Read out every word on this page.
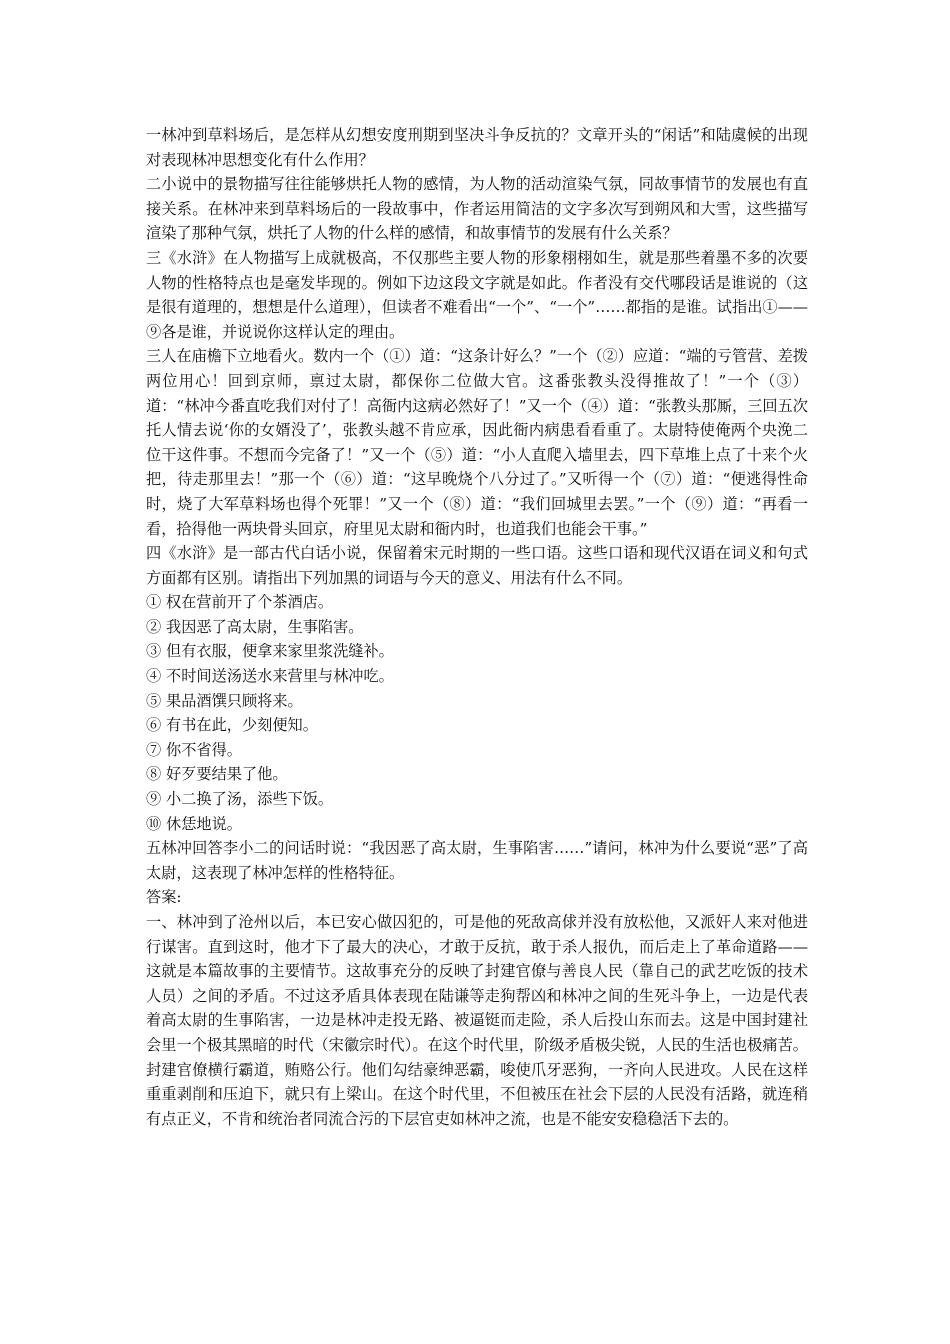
一林冲到草料场后，是怎样从幻想安度刑期到坚决斗争反抗的？文章开头的“闲话”和陆虞候的出现对表现林冲思想变化有什么作用？

二小说中的景物描写往往能够烘托人物的感情，为人物的活动渲染气氛，同故事情节的发展也有直接关系。在林冲来到草料场后的一段故事中，作者运用简洁的文字多次写到朔风和大雪，这些描写渲染了那种气氛，烘托了人物的什么样的感情，和故事情节的发展有什么关系？

三《水浒》在人物描写上成就极高，不仅那些主要人物的形象栩栩如生，就是那些着墨不多的次要人物的性格特点也是毫发毕现的。例如下边这段文字就是如此。作者没有交代哪段话是谁说的（这是很有道理的，想想是什么道理），但读者不难看出“一个”、“一个”……都指的是谁。试指出①——⑨各是谁，并说说你这样认定的理由。

三人在庙檐下立地看火。数内一个（①）道：“这条计好么？”一个（②）应道：“端的亏管营、差拨两位用心！回到京师，禀过太尉，都保你二位做大官。这番张教头没得推故了！”一个（③）道：“林冲今番直吃我们对付了！高衙内这病必然好了！”又一个（④）道：“张教头那厮，三回五次托人情去说‘你的女婿没了’，张教头越不肯应承，因此衙内病患看看重了。太尉特使俺两个央浼二位干这件事。不想而今完备了！”又一个（⑤）道：“小人直爬入墙里去，四下草堆上点了十来个火把，待走那里去！”那一个（⑥）道：“这早晚烧个八分过了。”又听得一个（⑦）道：“便逃得性命时，烧了大军草料场也得个死罪！”又一个（⑧）道：“我们回城里去罢。”一个（⑨）道：“再看一看，拾得他一两块骨头回京，府里见太尉和衙内时，也道我们也能会干事。”

四《水浒》是一部古代白话小说，保留着宋元时期的一些口语。这些口语和现代汉语在词义和句式方面都有区别。请指出下列加黑的词语与今天的意义、用法有什么不同。

① 权在营前开了个茶酒店。

② 我因恶了高太尉，生事陷害。

③ 但有衣服，便拿来家里浆洗缝补。

④ 不时间送汤送水来营里与林冲吃。

⑤ 果品酒馔只顾将来。

⑥ 有书在此，少刻便知。

⑦ 你不省得。

⑧ 好歹要结果了他。

⑨ 小二换了汤，添些下饭。

⑩ 休恁地说。

五林冲回答李小二的问话时说：“我因恶了高太尉，生事陷害……”请问，林冲为什么要说“恶”了高太尉，这表现了林冲怎样的性格特征。

答案:

一、林冲到了沧州以后，本已安心做囚犯的，可是他的死敌高俅并没有放松他，又派奸人来对他进行谋害。直到这时，他才下了最大的决心，才敢于反抗，敢于杀人报仇，而后走上了革命道路——这就是本篇故事的主要情节。这故事充分的反映了封建官僚与善良人民（靠自己的武艺吃饭的技术人员）之间的矛盾。不过这矛盾具体表现在陆谦等走狗帮凶和林冲之间的生死斗争上，一边是代表着高太尉的生事陷害，一边是林冲走投无路、被逼铤而走险，杀人后投山东而去。这是中国封建社会里一个极其黑暗的时代（宋徽宗时代）。在这个时代里，阶级矛盾极尖锐，人民的生活也极痛苦。封建官僚横行霸道，贿赂公行。他们勾结豪绅恶霸，唆使爪牙恶狗，一齐向人民进攻。人民在这样重重剥削和压迫下，就只有上梁山。在这个时代里，不但被压在社会下层的人民没有活路，就连稍有点正义，不肯和统治者同流合污的下层官吏如林冲之流，也是不能安安稳稳活下去的。
